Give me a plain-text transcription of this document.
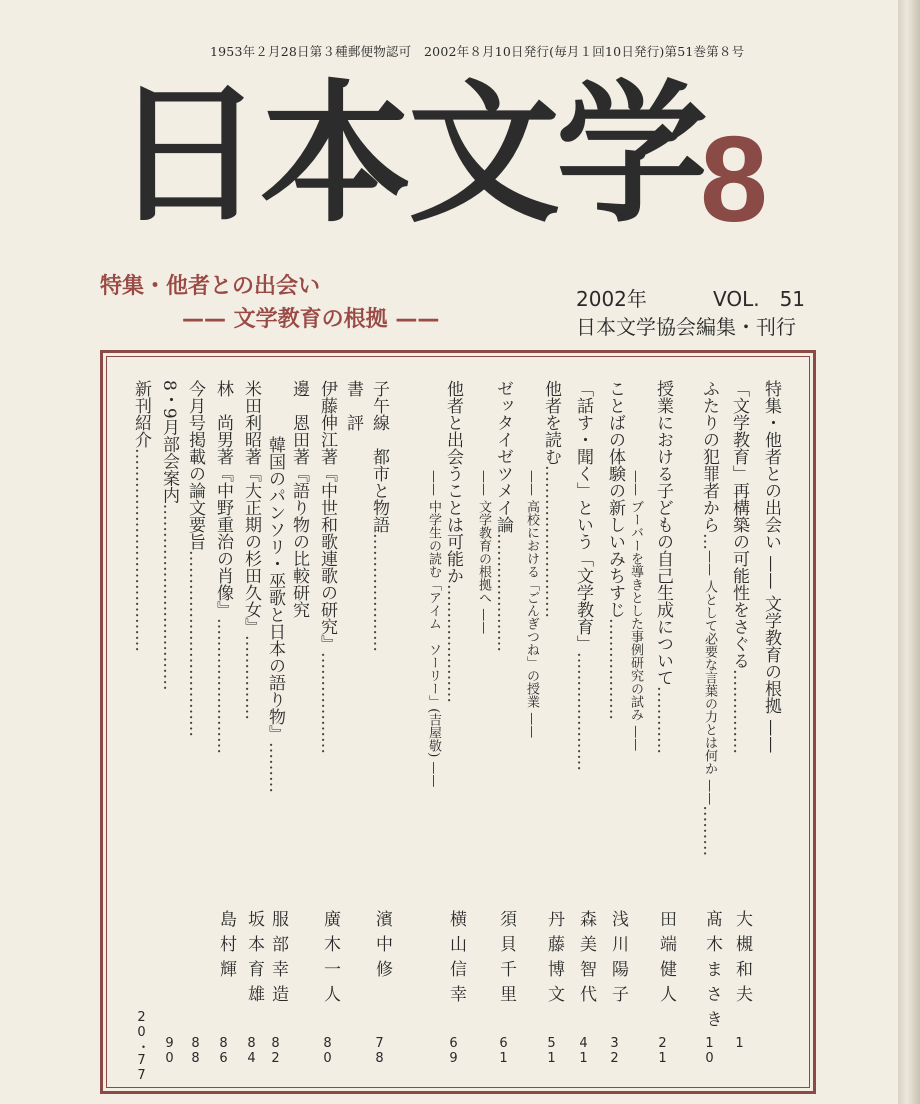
1953年２月28日第３種郵便物認可　2002年８月10日発行(毎月１回10日発行)第51巻第８号
日本文学
8
特集・他者との出会い
—— 文学教育の根拠 ——
2002年	VOL.　51
日本文学協会編集・刊行
特集・他者との出会い —— 文学教育の根拠 ——
「文学教育」再構築の可能性をさぐる……………
ふたりの犯罪者から…—— 人として必要な言葉の力とは何か ——………
授業における子どもの自己生成について…………
—— ブーバーを導きとした事例研究の試み ——
ことばの体験の新しいみちすじ………………
「話す・聞く」という「文学教育」…………………
他者を読む………………………
—— 高校における「ごんぎつね」の授業 ——
ゼッタイゼツメイ論…………………
—— 文学教育の根拠へ ——
他者と出会うことは可能か…………………
—— 中学生の読む「アイム　ソーリー」(吉屋敬) ——
子午線　都市と物語…………………
書　評
伊藤伸江著『中世和歌連歌の研究』………………
邊　恩田著『語り物の比較研究
韓国のパンソリ・巫歌と日本の語り物』………
米田利昭著『大正期の杉田久女』……………
林　尚男著『中野重治の肖像』……………………
今月号掲載の論文要旨……………………………
8・9月部会案内……………………………
新刊紹介………………………………
大槻和夫
髙木まさき
田端健人
浅川陽子
森美智代
丹藤博文
須貝千里
横山信幸
濱中修
廣木一人
服部幸造
坂本育雄
島村輝
1
10
21
32
41
51
61
69
78
80
82
84
86
88
90
20・77
